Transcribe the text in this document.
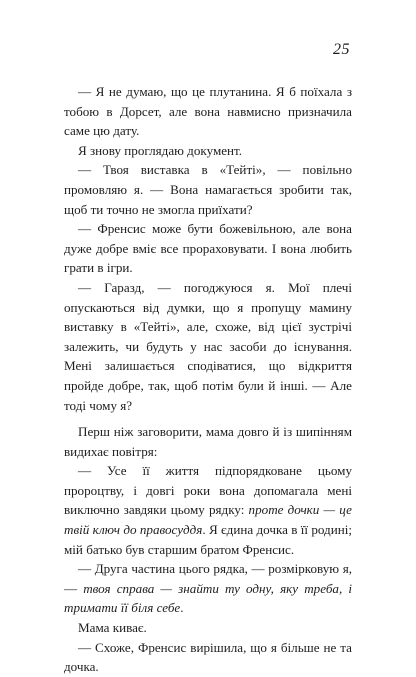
25

— Я не думаю, що це плутанина. Я б поїхала з тобою в Дорсет, але вона навмисно призначила саме цю дату.

Я знову проглядаю документ.

— Твоя виставка в «Тейті», — повільно промовляю я. — Вона намагається зробити так, щоб ти точно не змогла приїхати?

— Френсис може бути божевільною, але вона дуже добре вміє все прораховувати. І вона любить грати в ігри.

— Гаразд, — погоджуюся я. Мої плечі опускаються від думки, що я пропущу мамину виставку в «Тейті», але, схоже, від цієї зустрічі залежить, чи будуть у нас засоби до існування. Мені залишається сподіватися, що відкриття пройде добре, так, щоб потім були й інші. — Але тоді чому я?

Перш ніж заговорити, мама довго й із шипінням видихає повітря:

— Усе її життя підпорядковане цьому пророцтву, і довгі роки вона допомагала мені виключно завдяки цьому рядку: проте дочки — це твій ключ до правосуддя. Я єдина дочка в її родині; мій батько був старшим братом Френсис.

— Друга частина цього рядка, — розмірковую я, — твоя справа — знайти ту одну, яку треба, і тримати її біля себе.

Мама киває.

— Схоже, Френсис вирішила, що я більше не та дочка.
